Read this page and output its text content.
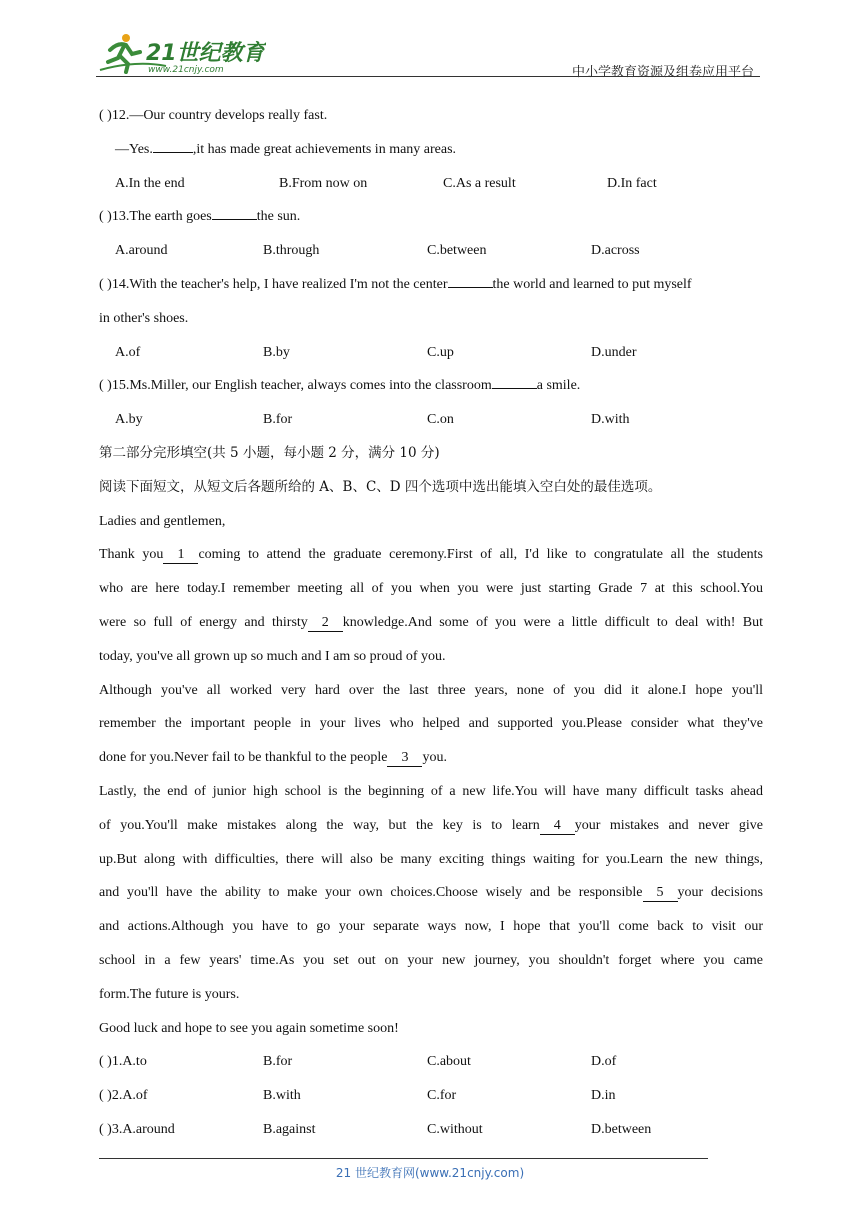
21世纪教育
www.21cnjy.com	中小学教育资源及组卷应用平台
( )12.—Our country develops really fast.
—Yes.	,it has made great achievements in many areas.
A.In the end	B.From now on	C.As a result	D.In fact
( )13.The earth goes	the sun.
A.around	B.through	C.between	D.across
( )14.With the teacher's help, I have realized I'm not the center	the world and learned to put myself
in other's shoes.
A.of	B.by	C.up	D.under
( )15.Ms.Miller, our English teacher, always comes into the classroom	a smile.
A.by	B.for	C.on	D.with
第二部分完形填空(共 5 小题，每小题 2 分，满分 10 分)
阅读下面短文，从短文后各题所给的 A、B、C、D 四个选项中选出能填入空白处的最佳选项。
Ladies and gentlemen,
Thank you 1 coming to attend the graduate ceremony.First of all, I'd like to congratulate all the students
who are here today.I remember meeting all of you when you were just starting Grade 7 at this school.You
were so full of energy and thirsty 2 knowledge.And some of you were a little difficult to deal with! But
today, you've all grown up so much and I am so proud of you.
Although you've all worked very hard over the last three years, none of you did it alone.I hope you'll
remember the important people in your lives who helped and supported you.Please consider what they've
done for you.Never fail to be thankful to the people 3 you.
Lastly, the end of junior high school is the beginning of a new life.You will have many difficult tasks ahead
of you.You'll make mistakes along the way, but the key is to learn 4 your mistakes and never give
up.But along with difficulties, there will also be many exciting things waiting for you.Learn the new things,
and you'll have the ability to make your own choices.Choose wisely and be responsible 5 your decisions
and actions.Although you have to go your separate ways now, I hope that you'll come back to visit our
school in a few years' time.As you set out on your new journey, you shouldn't forget where you came
form.The future is yours.
Good luck and hope to see you again sometime soon!
( )1.A.to	B.for	C.about	D.of
( )2.A.of	B.with	C.for	D.in
( )3.A.around	B.against	C.without	D.between
21 世纪教育网(www.21cnjy.com)
